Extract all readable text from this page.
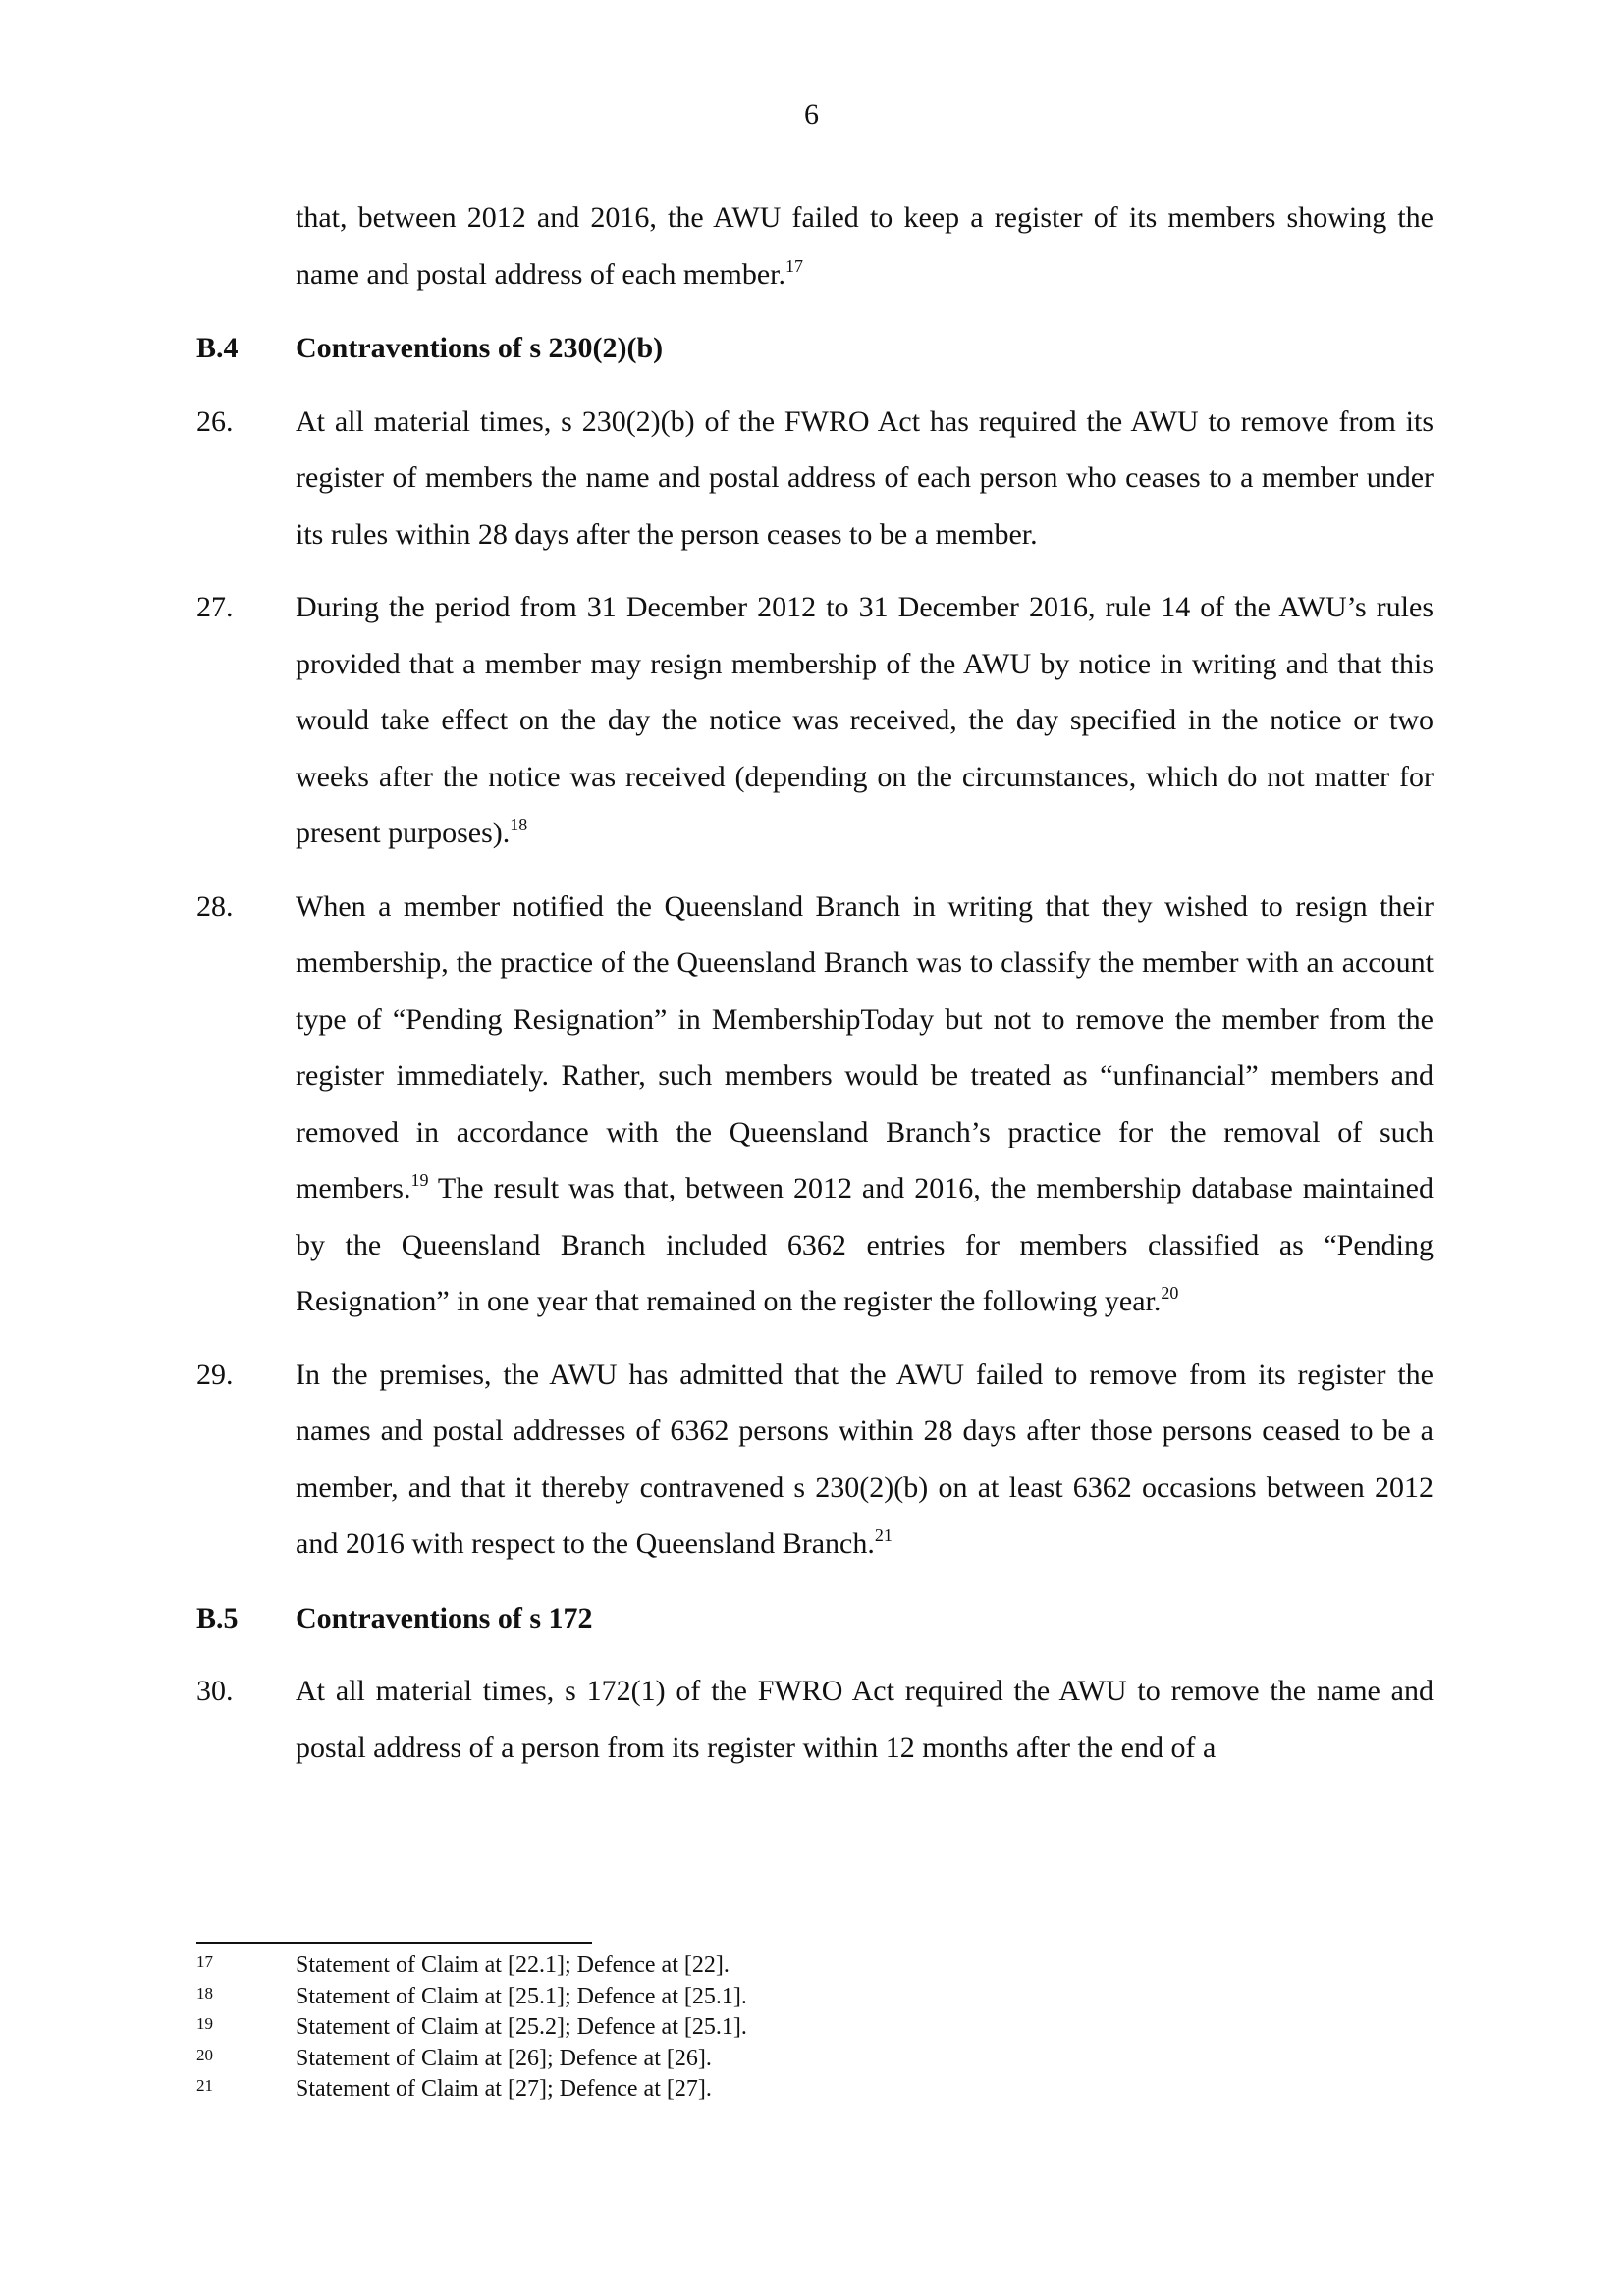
6
that, between 2012 and 2016, the AWU failed to keep a register of its members showing the name and postal address of each member.$^{17}$
B.4 Contraventions of s 230(2)(b)
26.	At all material times, s 230(2)(b) of the FWRO Act has required the AWU to remove from its register of members the name and postal address of each person who ceases to a member under its rules within 28 days after the person ceases to be a member.
27.	During the period from 31 December 2012 to 31 December 2016, rule 14 of the AWU’s rules provided that a member may resign membership of the AWU by notice in writing and that this would take effect on the day the notice was received, the day specified in the notice or two weeks after the notice was received (depending on the circumstances, which do not matter for present purposes).$^{18}$
28.	When a member notified the Queensland Branch in writing that they wished to resign their membership, the practice of the Queensland Branch was to classify the member with an account type of “Pending Resignation” in MembershipToday but not to remove the member from the register immediately. Rather, such members would be treated as “unfinancial” members and removed in accordance with the Queensland Branch’s practice for the removal of such members.$^{19}$ The result was that, between 2012 and 2016, the membership database maintained by the Queensland Branch included 6362 entries for members classified as “Pending Resignation” in one year that remained on the register the following year.$^{20}$
29.	In the premises, the AWU has admitted that the AWU failed to remove from its register the names and postal addresses of 6362 persons within 28 days after those persons ceased to be a member, and that it thereby contravened s 230(2)(b) on at least 6362 occasions between 2012 and 2016 with respect to the Queensland Branch.$^{21}$
B.5 Contraventions of s 172
30.	At all material times, s 172(1) of the FWRO Act required the AWU to remove the name and postal address of a person from its register within 12 months after the end of a
17	Statement of Claim at [22.1]; Defence at [22].
18	Statement of Claim at [25.1]; Defence at [25.1].
19	Statement of Claim at [25.2]; Defence at [25.1].
20	Statement of Claim at [26]; Defence at [26].
21	Statement of Claim at [27]; Defence at [27].
